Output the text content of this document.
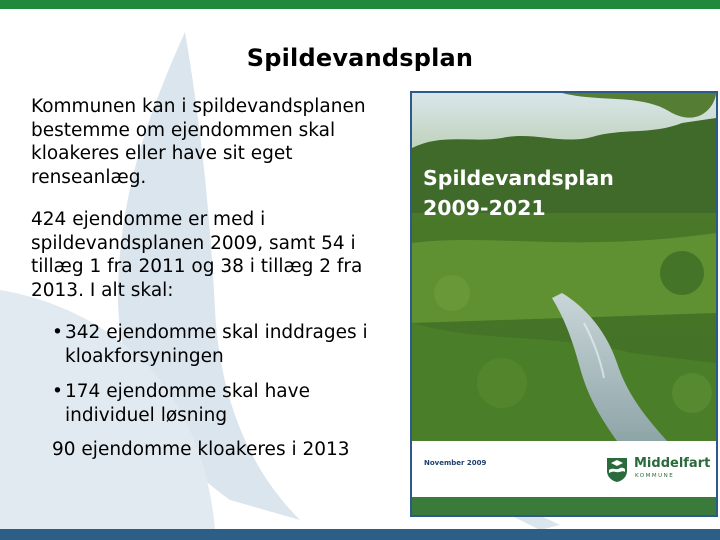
Spildevandsplan

Kommunen kan i spildevandsplanen
bestemme om ejendommen skal
kloakeres eller have sit eget
renseanlæg.

424 ejendomme er med i
spildevandsplanen 2009, samt 54 i
tillæg 1 fra 2011 og 38 i tillæg 2 fra
2013. I alt skal:

• 342 ejendomme skal inddrages i
kloakforsyningen
• 174 ejendomme skal have
individuel løsning
90 ejendomme kloakeres i 2013
Spildevandsplan
2009-2021
November 2009	Middelfart
KOMMUNE
